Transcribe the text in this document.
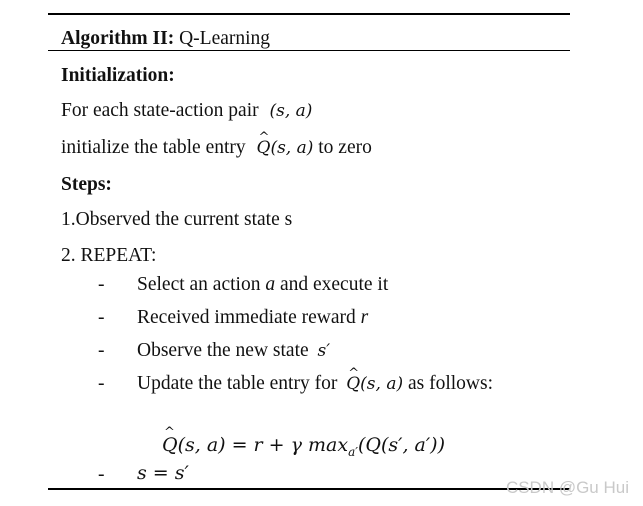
Algorithm II: Q-Learning
Initialization:
For each state-action pair (s, a)
initialize the table entry ^ Q(s, a) to zero
Steps:
1.Observed the current state s
2. REPEAT:
- Select an action a and execute it
- Received immediate reward r
- Observe the new state s′
- Update the table entry for ^ Q(s, a) as follows:
^ Q(s, a) = r + γ $\max_{a'}(Q(s'$, a′))
- s = s′
CSDN @Gu Hui
